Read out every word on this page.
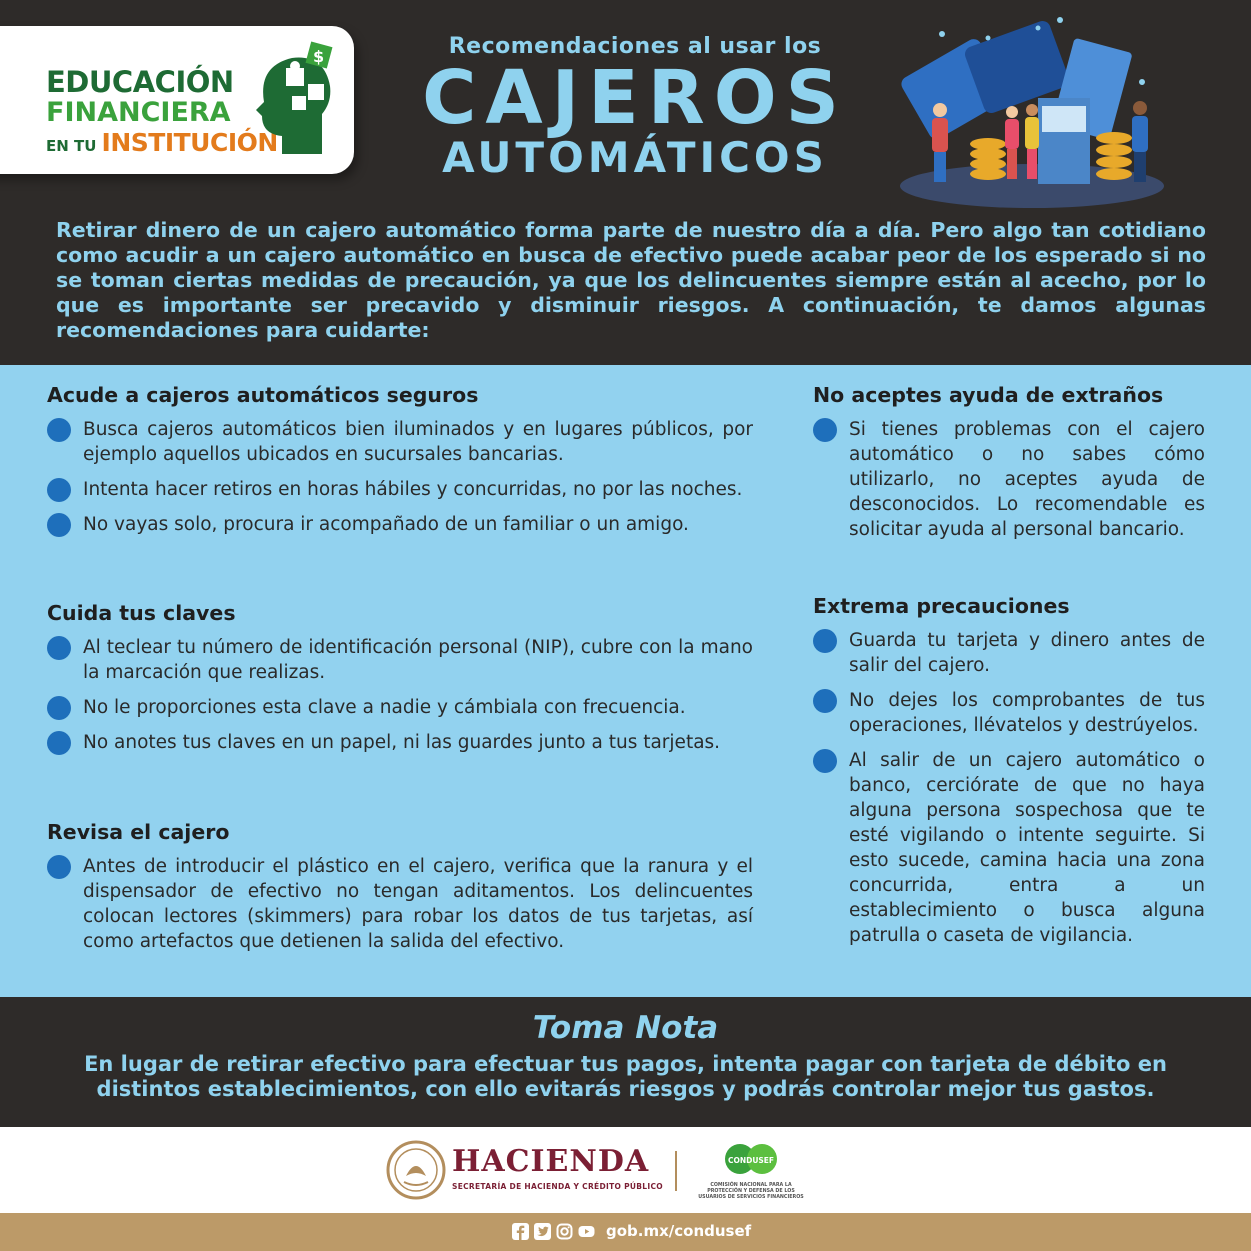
EDUCACIÓN
FINANCIERA
EN TU INSTITUCIÓN
$	Recomendaciones al usar los
CAJEROS
AUTOMÁTICOS

Retirar dinero de un cajero automático forma parte de nuestro día a día. Pero algo tan cotidiano como acudir a un cajero automático en busca de efectivo puede acabar peor de los esperado si no se toman ciertas medidas de precaución, ya que los delincuentes siempre están al acecho, por lo que es importante ser precavido y disminuir riesgos. A continuación, te damos algunas recomendaciones para cuidarte:

Acude a cajeros automáticos seguros
Busca cajeros automáticos bien iluminados y en lugares públicos, por ejemplo aquellos ubicados en sucursales bancarias.
Intenta hacer retiros en horas hábiles y concurridas, no por las noches.
No vayas solo, procura ir acompañado de un familiar o un amigo.
Cuida tus claves
Al teclear tu número de identificación personal (NIP), cubre con la mano la marcación que realizas.
No le proporciones esta clave a nadie y cámbiala con frecuencia.
No anotes tus claves en un papel, ni las guardes junto a tus tarjetas.
Revisa el cajero
Antes de introducir el plástico en el cajero, verifica que la ranura y el dispensador de efectivo no tengan aditamentos. Los delincuentes colocan lectores (skimmers) para robar los datos de tus tarjetas, así como artefactos que detienen la salida del efectivo.
No aceptes ayuda de extraños
Si tienes problemas con el cajero automático o no sabes cómo utilizarlo, no aceptes ayuda de desconocidos. Lo recomendable es solicitar ayuda al personal bancario.
Extrema precauciones
Guarda tu tarjeta y dinero antes de salir del cajero.
No dejes los comprobantes de tus operaciones, llévatelos y destrúyelos.
Al salir de un cajero automático o banco, cerciórate de que no haya alguna persona sospechosa que te esté vigilando o intente seguirte. Si esto sucede, camina hacia una zona concurrida, entra a un establecimiento o busca alguna patrulla o caseta de vigilancia.
Toma Nota

En lugar de retirar efectivo para efectuar tus pagos, intenta pagar con tarjeta de débito en distintos establecimientos, con ello evitarás riesgos y podrás controlar mejor tus gastos.

HACIENDA
SECRETARÍA DE HACIENDA Y CRÉDITO PÚBLICO
CONDUSEF
COMISIÓN NACIONAL PARA LA PROTECCIÓN Y DEFENSA DE LOS USUARIOS DE SERVICIOS FINANCIEROS
gob.mx/condusef
